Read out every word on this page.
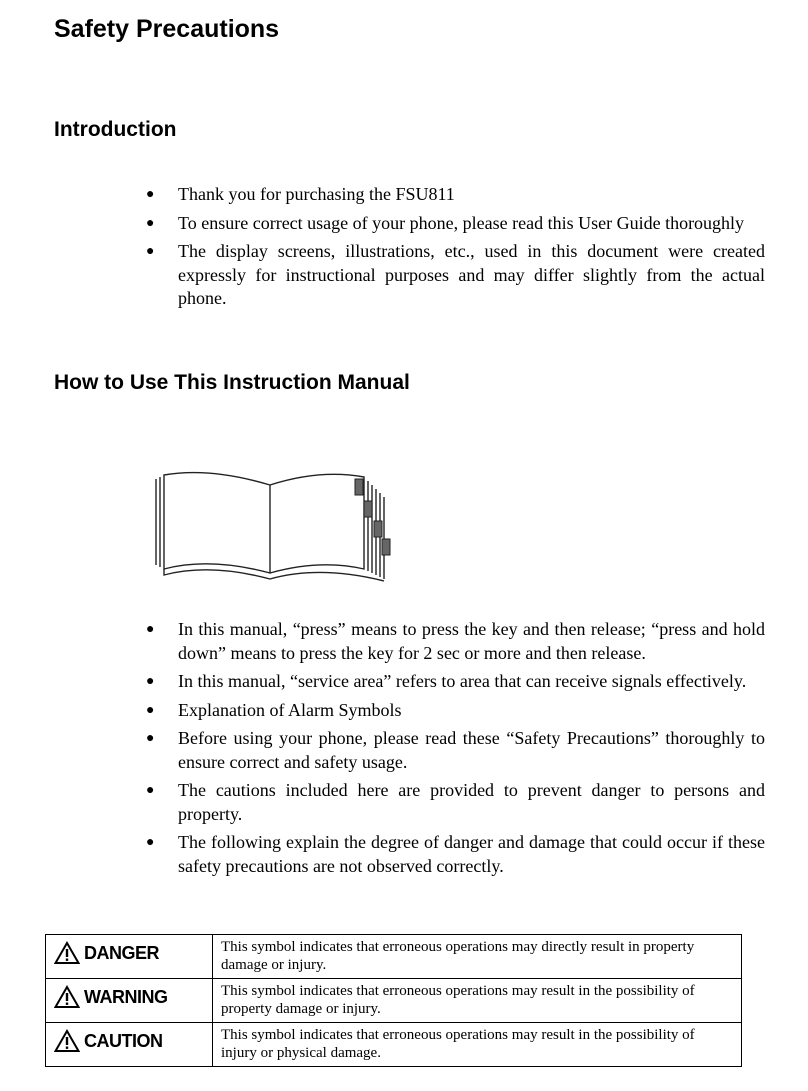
Safety Precautions
Introduction
● Thank you for purchasing the FSU811
● To ensure correct usage of your phone, please read this User Guide thoroughly
● The display screens, illustrations, etc., used in this document were created expressly for instructional purposes and may differ slightly from the actual phone.
How to Use This Instruction Manual
● In this manual, “press” means to press the key and then release; “press and hold down” means to press the key for 2 sec or more and then release.
● In this manual, “service area” refers to area that can receive signals effectively.
● Explanation of Alarm Symbols
● Before using your phone, please read these “Safety Precautions” thoroughly to ensure correct and safety usage.
● The cautions included here are provided to prevent danger to persons and property.
● The following explain the degree of danger and damage that could occur if these safety precautions are not observed correctly.
DANGER	This symbol indicates that erroneous operations may directly result in property damage or injury.

WARNING	This symbol indicates that erroneous operations may result in the possibility of property damage or injury.

CAUTION	This symbol indicates that erroneous operations may result in the possibility of injury or physical damage.
